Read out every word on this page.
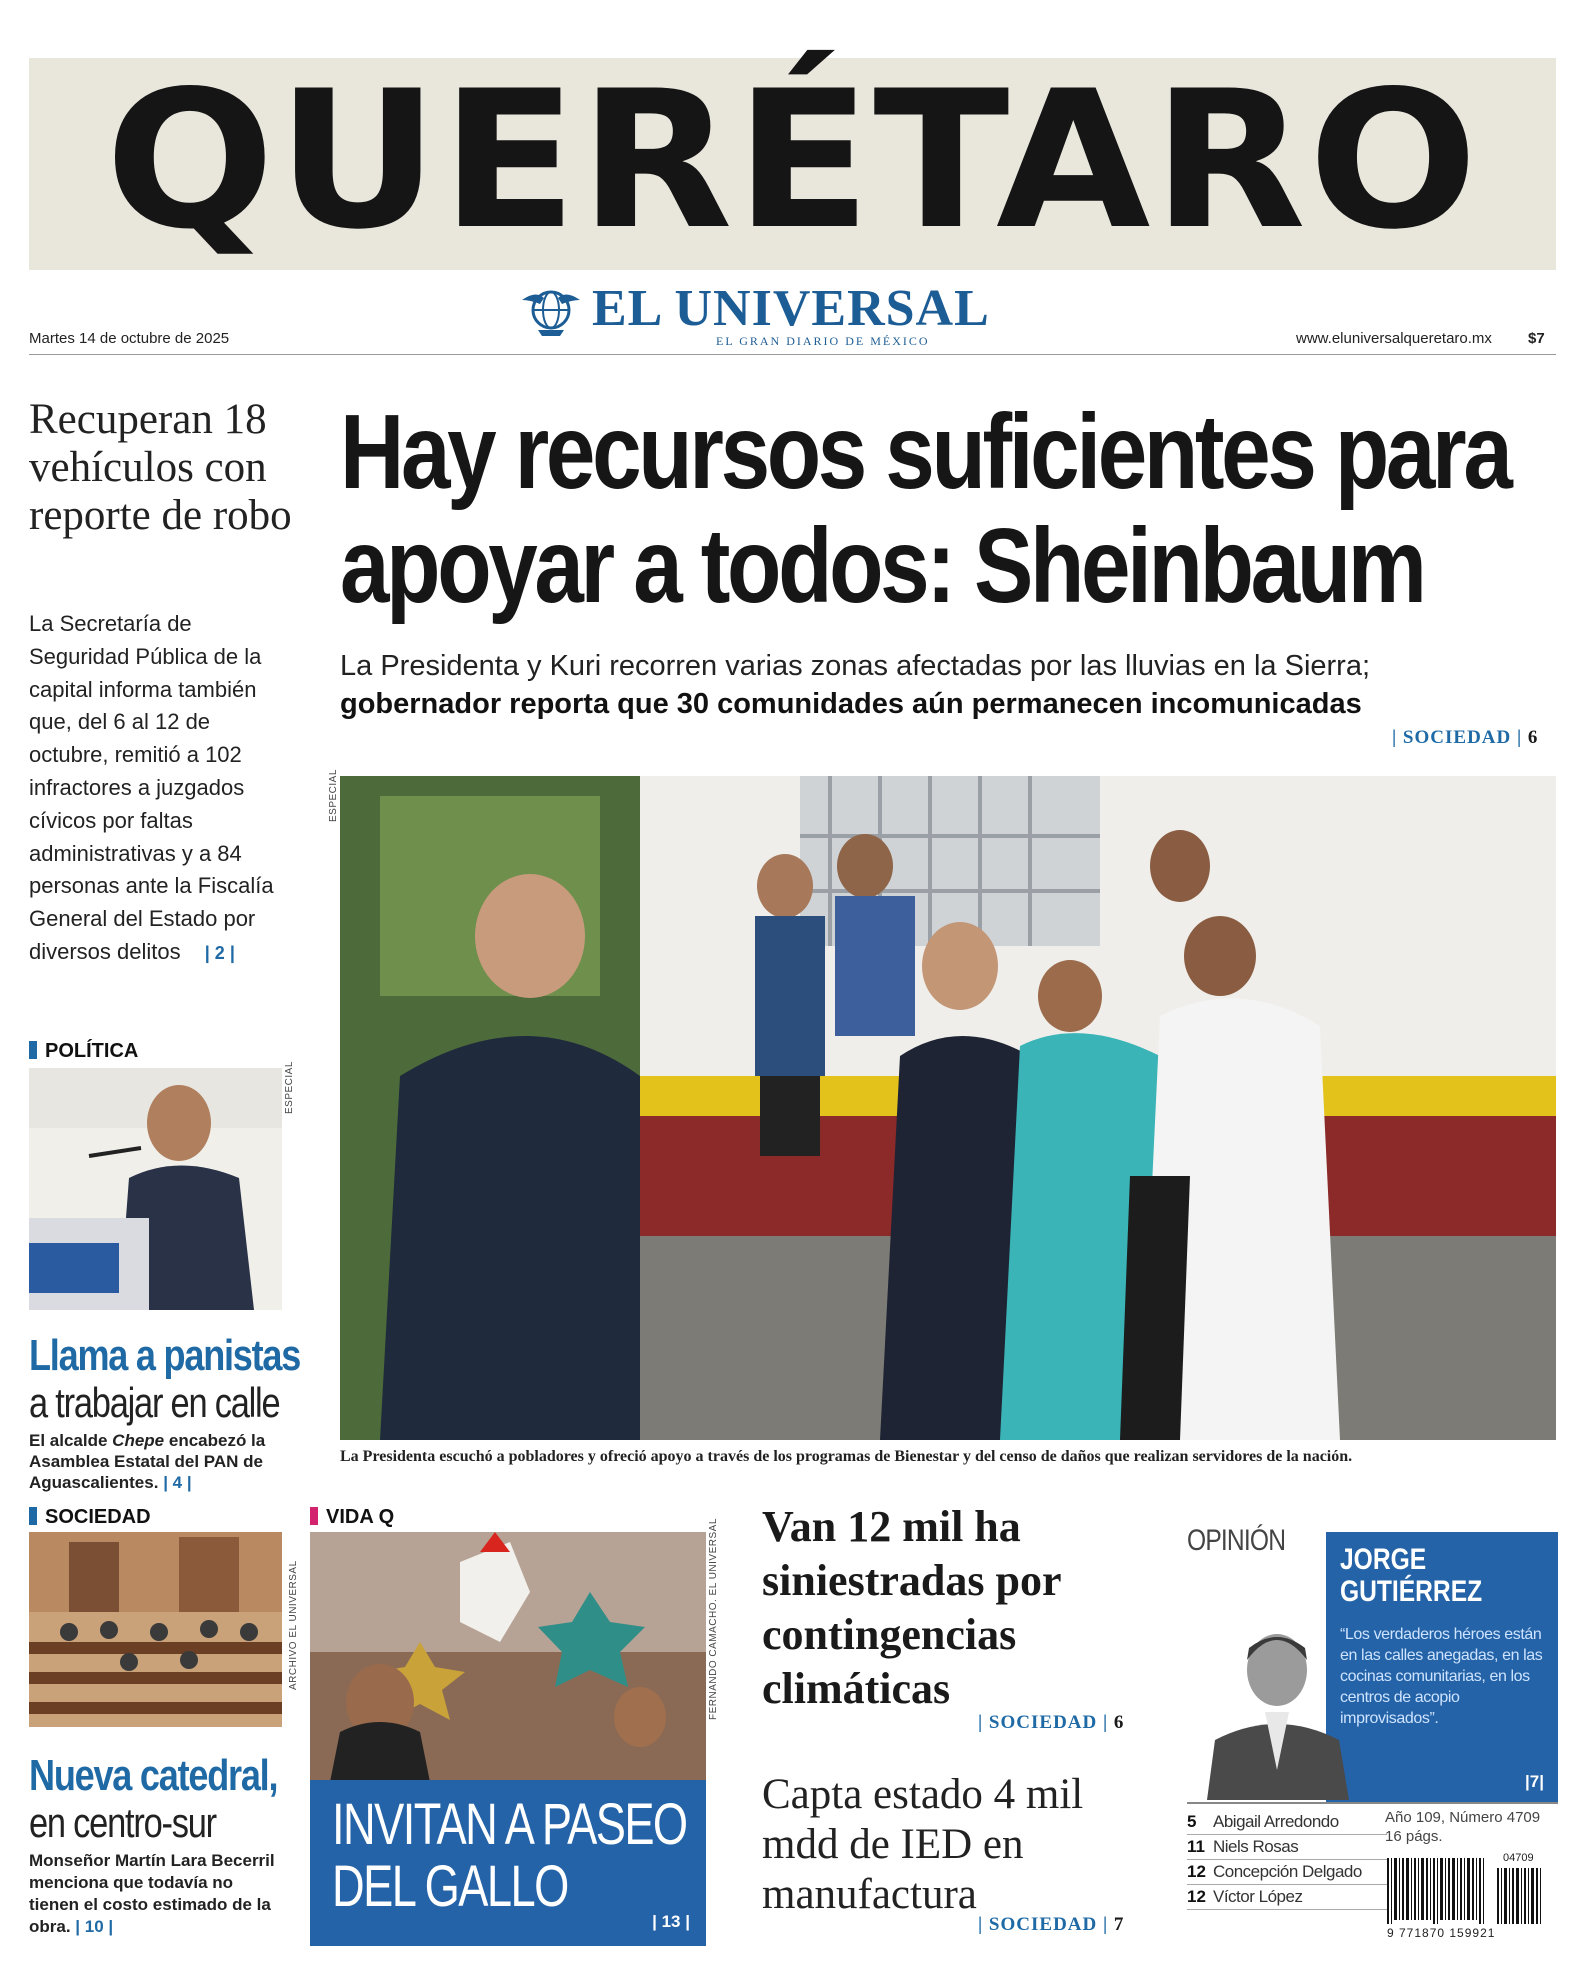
QUERÉTARO
EL UNIVERSAL
EL GRAN DIARIO DE MÉXICO
Martes 14 de octubre de 2025	www.eluniversalqueretaro.mx $7
Recuperan 18 vehículos con reporte de robo
La Secretaría de Seguridad Pública de la capital informa también que, del 6 al 12 de octubre, remitió a 102 infractores a juzgados cívicos por faltas administrativas y a 84 personas ante la Fiscalía General del Estado por diversos delitos | 2 |
Hay recursos suficientes para
apoyar a todos: Sheinbaum
La Presidenta y Kuri recorren varias zonas afectadas por las lluvias en la Sierra;
gobernador reporta que 30 comunidades aún permanecen incomunicadas
| SOCIEDAD | 6
ESPECIAL
La Presidenta escuchó a pobladores y ofreció apoyo a través de los programas de Bienestar y del censo de daños que realizan servidores de la nación.
POLÍTICA
ESPECIAL
Llama a panistas
a trabajar en calle
El alcalde Chepe encabezó la Asamblea Estatal del PAN de Aguascalientes. | 4 |
SOCIEDAD
Nueva catedral,
en centro-sur
Monseñor Martín Lara Becerril menciona que todavía no tienen el costo estimado de la obra. | 10 |
VIDA Q
ARCHIVO EL UNIVERSAL	FERNANDO CAMACHO. EL UNIVERSAL
INVITAN A PASEO
DEL GALLO
| 13 |
Van 12 mil ha siniestradas por contingencias climáticas
| SOCIEDAD | 6
Capta estado 4 mil mdd de IED en manufactura
| SOCIEDAD | 7
OPINIÓN
JORGE
GUTIÉRREZ
“Los verdaderos héroes están en las calles anegadas, en las cocinas comunitarias, en los centros de acopio improvisados”.
|7|
5 Abigail Arredondo
11 Niels Rosas
12 Concepción Delgado
12 Víctor López
Año 109, Número 4709
16 págs.
9 771870 159921
04709
